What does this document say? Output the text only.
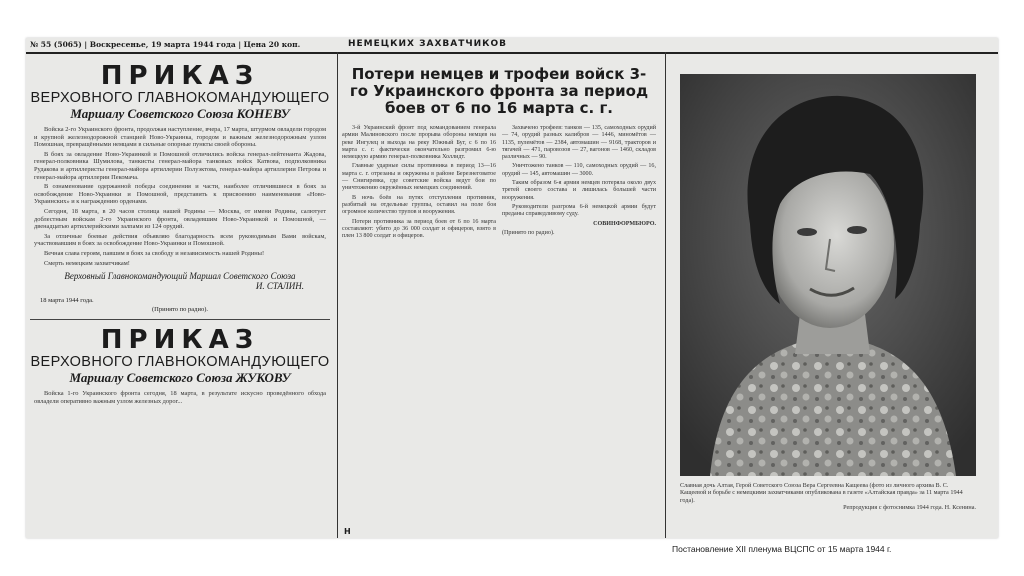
№ 55 (5065) | Воскресенье, 19 марта 1944 года | Цена 20 коп.	НЕМЕЦКИХ ЗАХВАТЧИКОВ
ПРИКАЗ
ВЕРХОВНОГО ГЛАВНОКОМАНДУЮЩЕГО
Маршалу Советского Союза КОНЕВУ

Войска 2-го Украинского фронта, продолжая наступление, вчера, 17 марта, штурмом овладели городом и крупной железнодорожной станцией Ново-Украинка, городом и важным железнодорожным узлом Помошная, превращёнными немцами в сильные опорные пункты своей обороны.

В боях за овладение Ново-Украинкой и Помошной отличились войска генерал-лейтенанта Жадова, генерал-полковника Шумилова, танкисты генерал-майора танковых войск Катвова, подполковника Рудакова и артиллеристы генерал-майора артиллерии Полуэктова, генерал-майора артиллерии Петрова и генерал-майора артиллерии Пекомача.

В ознаменование одержанной победы соединения и части, наиболее отличившиеся в боях за освобождение Ново-Украинки и Помошной, представить к присвоению наименования «Ново-Украинских» и к награждению орденами.

Сегодня, 18 марта, в 20 часов столица нашей Родины — Москва, от имени Родины, салютует доблестным войскам 2-го Украинского фронта, овладевшим Ново-Украинкой и Помошной, — двенадцатью артиллерийскими залпами из 124 орудий.

За отличные боевые действия объявляю благодарность всем руководимым Вами войскам, участвовавшим в боях за освобождение Ново-Украинки и Помошной.

Вечная слава героям, павшим в боях за свободу и независимость нашей Родины!

Смерть немецким захватчикам!

Верховный Главнокомандующий Маршал Советского Союза
И. СТАЛИН.
18 марта 1944 года.
(Принято по радио).
ПРИКАЗ
ВЕРХОВНОГО ГЛАВНОКОМАНДУЮЩЕГО
Маршалу Советского Союза ЖУКОВУ

Войска 1-го Украинского фронта сегодня, 18 марта, в результате искусно проведённого обхода овладели оперативно важным узлом железных дорог...

Потери немцев и трофеи войск 3-го Украинского фронта за период боев от 6 по 16 марта с. г.

3-й Украинский фронт под командованием генерала армии Малиновского после прорыва обороны немцев на реке Ингулец и выхода на реку Южный Буг, с 6 по 16 марта с. г. фактически окончательно разгромил 6-ю немецкую армию генерал-полковника Холлидт.

Главные ударные силы противника в период 13—16 марта с. г. отрезаны и окружены в районе Березнеговатое — Снигиревка, где советские войска ведут бои по уничтожению окружённых немецких соединений.

В ночь боёв на путях отступления противник, разбитый на отдельные группы, оставил на поле боя огромное количество трупов и вооружения.

Потери противника за период боев от 6 по 16 марта составляют: убито до 36 000 солдат и офицеров, взято в плен 13 800 солдат и офицеров.

Захвачено трофеев: танков — 135, самоходных орудий — 74, орудий разных калибров — 1446, миномётов — 1135, пулемётов — 2384, автомашин — 9168, тракторов и тягачей — 471, паровозов — 27, вагонов — 1460, складов различных — 90.

Уничтожено танков — 110, самоходных орудий — 16, орудий — 145, автомашин — 3000.

Таким образом 6-я армия немцев потеряла около двух третей своего состава и лишилась большей части вооружения.

Руководители разгрома 6-й немецкой армии будут преданы справедливому суду.

СОВИНФОРМБЮРО.

(Принято по радио).

Н
Славная дочь Алтая, Герой Советского Союза Вера Сергеевна Кащеева (фото из личного архива В. С. Кащеевой и борьбе с немецкими захватчиками опубликована в газете «Алтайская правда» за 11 марта 1944 года).
Репродукция с фотоснимка 1944 года. Н. Ксенина.
Постановление XII пленума ВЦСПС от 15 марта 1944 г.
